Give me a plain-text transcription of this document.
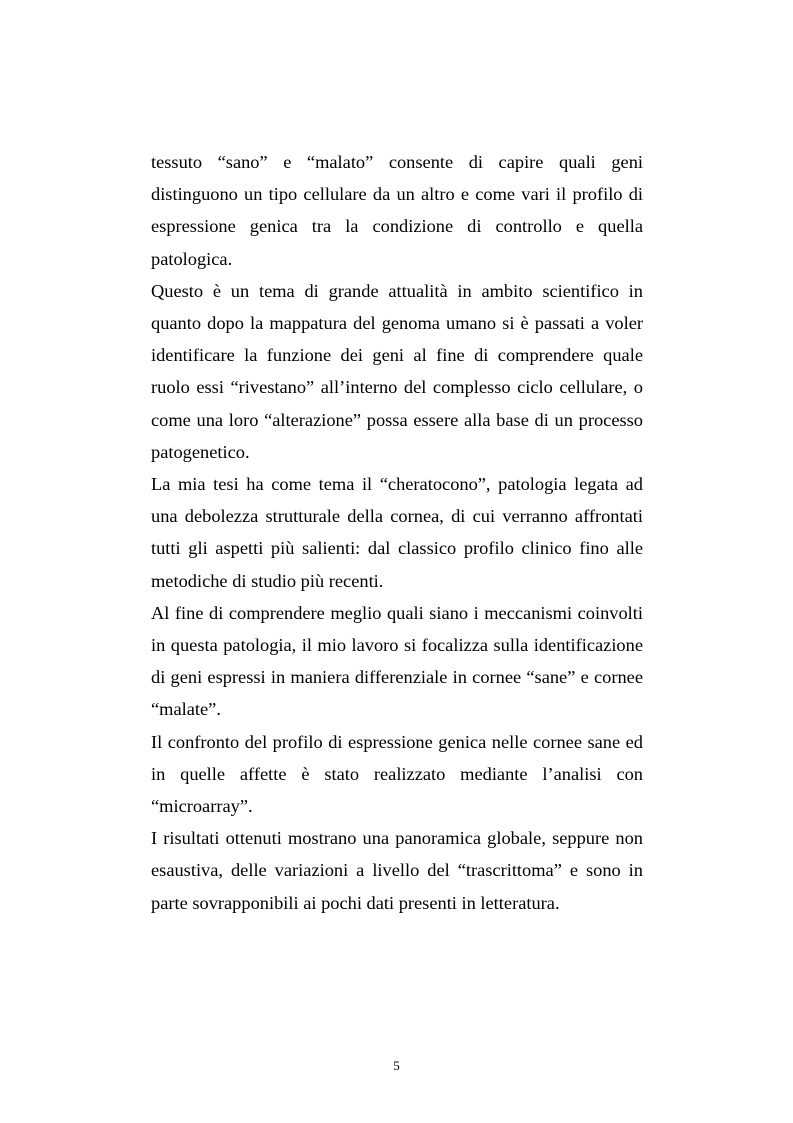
tessuto “sano” e “malato” consente di capire quali geni distinguono un tipo cellulare da un altro e come vari il profilo di espressione genica tra la condizione di controllo e quella patologica.

Questo è un tema di grande attualità in ambito scientifico in quanto dopo la mappatura del genoma umano si è passati a voler identificare la funzione dei geni al fine di comprendere quale ruolo essi “rivestano” all’interno del complesso ciclo cellulare, o come una loro “alterazione” possa essere alla base di un processo patogenetico.

La mia tesi ha come tema il “cheratocono”, patologia legata ad una debolezza strutturale della cornea, di cui verranno affrontati tutti gli aspetti più salienti: dal classico profilo clinico fino alle metodiche di studio più recenti.

Al fine di comprendere meglio quali siano i meccanismi coinvolti in questa patologia, il mio lavoro si focalizza sulla identificazione di geni espressi in maniera differenziale in cornee “sane” e cornee “malate”.

Il confronto del profilo di espressione genica nelle cornee sane ed in quelle affette è stato realizzato mediante l’analisi con “microarray”.

I risultati ottenuti mostrano una panoramica globale, seppure non esaustiva, delle variazioni a livello del “trascrittoma” e sono in parte sovrapponibili ai pochi dati presenti in letteratura.

5
